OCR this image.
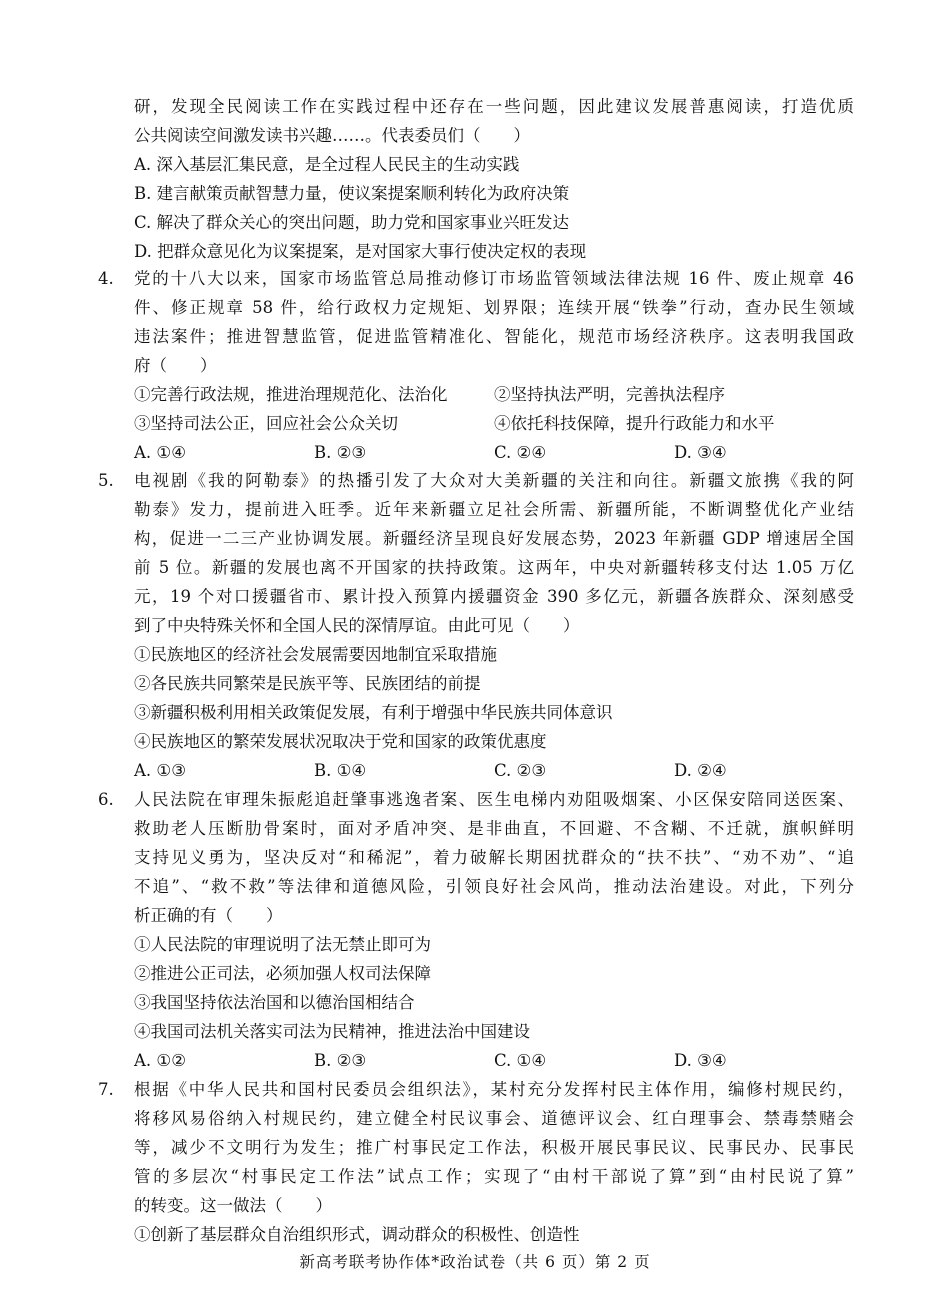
研，发现全民阅读工作在实践过程中还存在一些问题，因此建议发展普惠阅读，打造优质
公共阅读空间激发读书兴趣……。代表委员们（　　）
A. 深入基层汇集民意，是全过程人民民主的生动实践
B. 建言献策贡献智慧力量，使议案提案顺利转化为政府决策
C. 解决了群众关心的突出问题，助力党和国家事业兴旺发达
D. 把群众意见化为议案提案，是对国家大事行使决定权的表现
4. 党的十八大以来，国家市场监管总局推动修订市场监管领域法律法规 16 件、废止规章 46
件、修正规章 58 件，给行政权力定规矩、划界限；连续开展“铁拳”行动，查办民生领域
违法案件；推进智慧监管，促进监管精准化、智能化，规范市场经济秩序。这表明我国政
府（　　）
①完善行政法规，推进治理规范化、法治化	②坚持执法严明，完善执法程序
③坚持司法公正，回应社会公众关切	④依托科技保障，提升行政能力和水平
A. ①④	B. ②③	C. ②④	D. ③④
5. 电视剧《我的阿勒泰》的热播引发了大众对大美新疆的关注和向往。新疆文旅携《我的阿
勒泰》发力，提前进入旺季。近年来新疆立足社会所需、新疆所能，不断调整优化产业结
构，促进一二三产业协调发展。新疆经济呈现良好发展态势，2023 年新疆 GDP 增速居全国
前 5 位。新疆的发展也离不开国家的扶持政策。这两年，中央对新疆转移支付达 1.05 万亿
元，19 个对口援疆省市、累计投入预算内援疆资金 390 多亿元，新疆各族群众、深刻感受
到了中央特殊关怀和全国人民的深情厚谊。由此可见（　　）
①民族地区的经济社会发展需要因地制宜采取措施
②各民族共同繁荣是民族平等、民族团结的前提
③新疆积极利用相关政策促发展，有利于增强中华民族共同体意识
④民族地区的繁荣发展状况取决于党和国家的政策优惠度
A. ①③	B. ①④	C. ②③	D. ②④
6. 人民法院在审理朱振彪追赶肇事逃逸者案、医生电梯内劝阻吸烟案、小区保安陪同送医案、
救助老人压断肋骨案时，面对矛盾冲突、是非曲直，不回避、不含糊、不迁就，旗帜鲜明
支持见义勇为，坚决反对“和稀泥”，着力破解长期困扰群众的“扶不扶”、“劝不劝”、“追
不追”、“救不救”等法律和道德风险，引领良好社会风尚，推动法治建设。对此，下列分
析正确的有（　　）
①人民法院的审理说明了法无禁止即可为
②推进公正司法，必须加强人权司法保障
③我国坚持依法治国和以德治国相结合
④我国司法机关落实司法为民精神，推进法治中国建设
A. ①②	B. ②③	C. ①④	D. ③④
7. 根据《中华人民共和国村民委员会组织法》，某村充分发挥村民主体作用，编修村规民约，
将移风易俗纳入村规民约，建立健全村民议事会、道德评议会、红白理事会、禁毒禁赌会
等，减少不文明行为发生；推广村事民定工作法，积极开展民事民议、民事民办、民事民
管的多层次“村事民定工作法”试点工作；实现了“由村干部说了算”到“由村民说了算”
的转变。这一做法（　　）
①创新了基层群众自治组织形式，调动群众的积极性、创造性
新高考联考协作体*政治试卷（共 6 页）第 2 页
